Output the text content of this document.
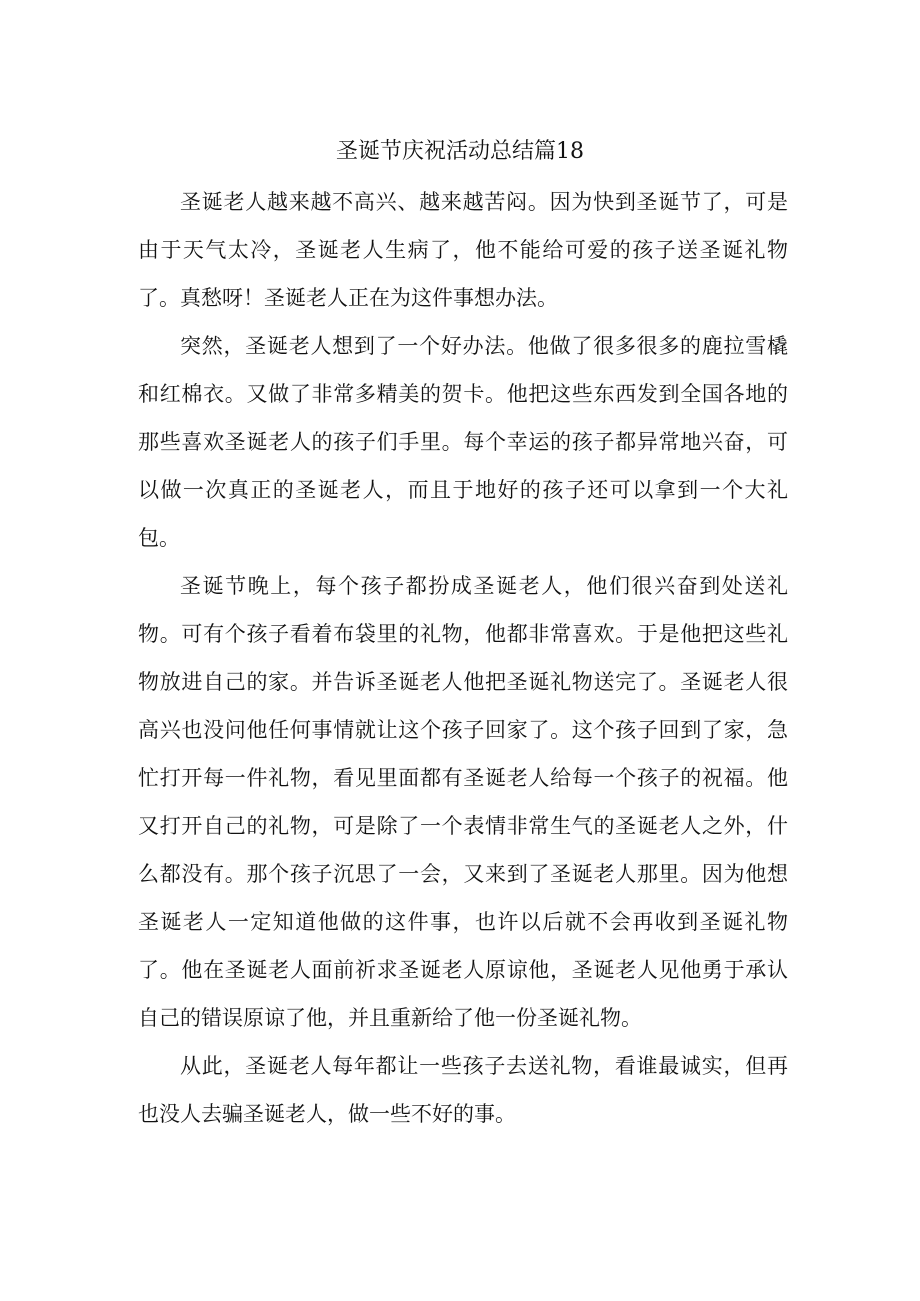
圣诞节庆祝活动总结篇18

圣诞老人越来越不高兴、越来越苦闷。因为快到圣诞节了，可是由于天气太冷，圣诞老人生病了，他不能给可爱的孩子送圣诞礼物了。真愁呀！圣诞老人正在为这件事想办法。

突然，圣诞老人想到了一个好办法。他做了很多很多的鹿拉雪橇和红棉衣。又做了非常多精美的贺卡。他把这些东西发到全国各地的那些喜欢圣诞老人的孩子们手里。每个幸运的孩子都异常地兴奋，可以做一次真正的圣诞老人，而且于地好的孩子还可以拿到一个大礼包。

圣诞节晚上，每个孩子都扮成圣诞老人，他们很兴奋到处送礼物。可有个孩子看着布袋里的礼物，他都非常喜欢。于是他把这些礼物放进自己的家。并告诉圣诞老人他把圣诞礼物送完了。圣诞老人很高兴也没问他任何事情就让这个孩子回家了。这个孩子回到了家，急忙打开每一件礼物，看见里面都有圣诞老人给每一个孩子的祝福。他又打开自己的礼物，可是除了一个表情非常生气的圣诞老人之外，什么都没有。那个孩子沉思了一会，又来到了圣诞老人那里。因为他想圣诞老人一定知道他做的这件事，也许以后就不会再收到圣诞礼物了。他在圣诞老人面前祈求圣诞老人原谅他，圣诞老人见他勇于承认自己的错误原谅了他，并且重新给了他一份圣诞礼物。

从此，圣诞老人每年都让一些孩子去送礼物，看谁最诚实，但再也没人去骗圣诞老人，做一些不好的事。
